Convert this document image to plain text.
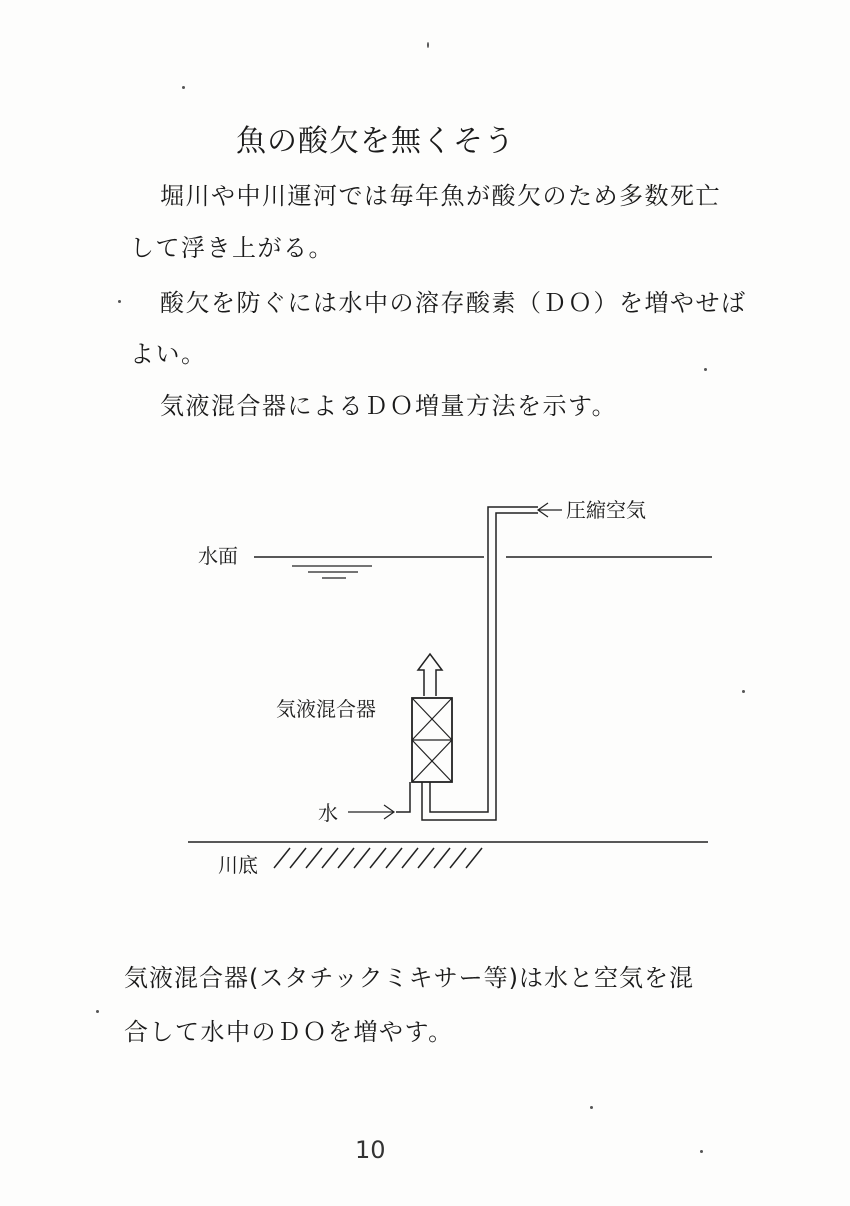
魚の酸欠を無くそう
堀川や中川運河では毎年魚が酸欠のため多数死亡
して浮き上がる。
酸欠を防ぐには水中の溶存酸素（ＤＯ）を増やせば
よい。
気液混合器によるＤＯ増量方法を示す。
水面
圧縮空気
気液混合器
水
川底
気液混合器(スタチックミキサー等)は水と空気を混
合して水中のＤＯを増やす。
10
